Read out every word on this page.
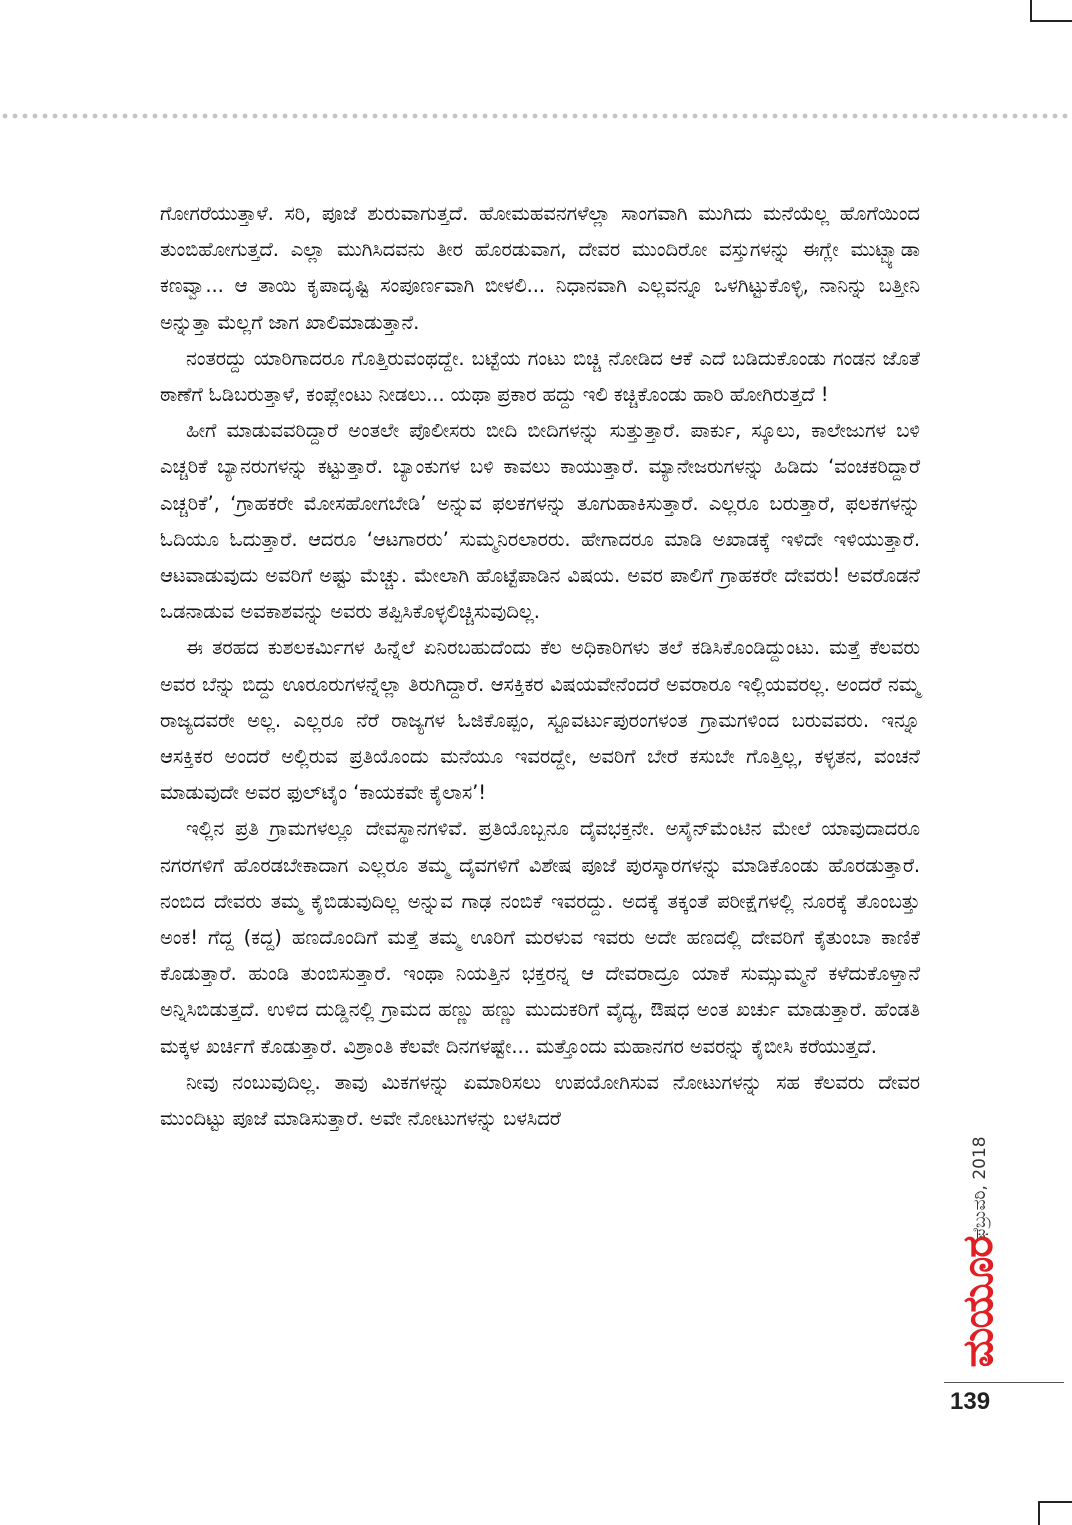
ಗೋಗರೆಯುತ್ತಾಳೆ. ಸರಿ, ಪೂಜೆ ಶುರುವಾಗುತ್ತದೆ. ಹೋಮಹವನಗಳೆಲ್ಲಾ ಸಾಂಗವಾಗಿ ಮುಗಿದು ಮನೆಯೆಲ್ಲ ಹೊಗೆಯಿಂದ ತುಂಬಿಹೋಗುತ್ತದೆ. ಎಲ್ಲಾ ಮುಗಿಸಿದವನು ತೀರ ಹೊರಡುವಾಗ, ದೇವರ ಮುಂದಿರೋ ವಸ್ತುಗಳನ್ನು ಈಗ್ಲೇ ಮುಟ್ಬ್ಯಾಡಾ ಕಣವ್ವಾ... ಆ ತಾಯಿ ಕೃಪಾದೃಷ್ಟಿ ಸಂಪೂರ್ಣವಾಗಿ ಬೀಳಲಿ... ನಿಧಾನವಾಗಿ ಎಲ್ಲವನ್ನೂ ಒಳಗಿಟ್ಟುಕೊಳ್ಳಿ, ನಾನಿನ್ನು ಬತ್ತೀನಿ ಅನ್ನುತ್ತಾ ಮೆಲ್ಲಗೆ ಜಾಗ ಖಾಲಿಮಾಡುತ್ತಾನೆ.

ನಂತರದ್ದು ಯಾರಿಗಾದರೂ ಗೊತ್ತಿರುವಂಥದ್ದೇ. ಬಟ್ಟೆಯ ಗಂಟು ಬಿಚ್ಚಿ ನೋಡಿದ ಆಕೆ ಎದೆ ಬಡಿದುಕೊಂಡು ಗಂಡನ ಜೊತೆ ಠಾಣೆಗೆ ಓಡಿಬರುತ್ತಾಳೆ, ಕಂಪ್ಲೇಂಟು ನೀಡಲು... ಯಥಾ ಪ್ರಕಾರ ಹದ್ದು ಇಲಿ ಕಚ್ಚಿಕೊಂಡು ಹಾರಿ ಹೋಗಿರುತ್ತದೆ !

ಹೀಗೆ ಮಾಡುವವರಿದ್ದಾರೆ ಅಂತಲೇ ಪೊಲೀಸರು ಬೀದಿ ಬೀದಿಗಳನ್ನು ಸುತ್ತುತ್ತಾರೆ. ಪಾರ್ಕು, ಸ್ಕೂಲು, ಕಾಲೇಜುಗಳ ಬಳಿ ಎಚ್ಚರಿಕೆ ಬ್ಯಾನರುಗಳನ್ನು ಕಟ್ಟುತ್ತಾರೆ. ಬ್ಯಾಂಕುಗಳ ಬಳಿ ಕಾವಲು ಕಾಯುತ್ತಾರೆ. ಮ್ಯಾನೇಜರುಗಳನ್ನು ಹಿಡಿದು ‘ವಂಚಕರಿದ್ದಾರೆ ಎಚ್ಚರಿಕೆ’, ‘ಗ್ರಾಹಕರೇ ಮೋಸಹೋಗಬೇಡಿ’ ಅನ್ನುವ ಫಲಕಗಳನ್ನು ತೂಗುಹಾಕಿಸುತ್ತಾರೆ. ಎಲ್ಲರೂ ಬರುತ್ತಾರೆ, ಫಲಕಗಳನ್ನು ಓದಿಯೂ ಓದುತ್ತಾರೆ. ಆದರೂ ‘ಆಟಗಾರರು’ ಸುಮ್ಮನಿರಲಾರರು. ಹೇಗಾದರೂ ಮಾಡಿ ಅಖಾಡಕ್ಕೆ ಇಳಿದೇ ಇಳಿಯುತ್ತಾರೆ. ಆಟವಾಡುವುದು ಅವರಿಗೆ ಅಷ್ಟು ಮೆಚ್ಚು. ಮೇಲಾಗಿ ಹೊಟ್ಟೆಪಾಡಿನ ವಿಷಯ. ಅವರ ಪಾಲಿಗೆ ಗ್ರಾಹಕರೇ ದೇವರು! ಅವರೊಡನೆ ಒಡನಾಡುವ ಅವಕಾಶವನ್ನು ಅವರು ತಪ್ಪಿಸಿಕೊಳ್ಳಲಿಚ್ಚಿಸುವುದಿಲ್ಲ.

ಈ ತರಹದ ಕುಶಲಕರ್ಮಿಗಳ ಹಿನ್ನೆಲೆ ಏನಿರಬಹುದೆಂದು ಕೆಲ ಅಧಿಕಾರಿಗಳು ತಲೆ ಕಡಿಸಿಕೊಂಡಿದ್ದುಂಟು. ಮತ್ತೆ ಕೆಲವರು ಅವರ ಬೆನ್ನು ಬಿದ್ದು ಊರೂರುಗಳನ್ನೆಲ್ಲಾ ತಿರುಗಿದ್ದಾರೆ. ಆಸಕ್ತಿಕರ ವಿಷಯವೇನೆಂದರೆ ಅವರಾರೂ ಇಲ್ಲಿಯವರಲ್ಲ. ಅಂದರೆ ನಮ್ಮ ರಾಜ್ಯದವರೇ ಅಲ್ಲ. ಎಲ್ಲರೂ ನೆರೆ ರಾಜ್ಯಗಳ ಓಜಿಕೊಪ್ಪಂ, ಸ್ಟೂವರ್ಟುಪುರಂಗಳಂತ ಗ್ರಾಮಗಳಿಂದ ಬರುವವರು. ಇನ್ನೂ ಆಸಕ್ತಿಕರ ಅಂದರೆ ಅಲ್ಲಿರುವ ಪ್ರತಿಯೊಂದು ಮನೆಯೂ ಇವರದ್ದೇ, ಅವರಿಗೆ ಬೇರೆ ಕಸುಬೇ ಗೊತ್ತಿಲ್ಲ, ಕಳ್ಳತನ, ವಂಚನೆ ಮಾಡುವುದೇ ಅವರ ಫುಲ್‌ಟೈಂ ‘ಕಾಯಕವೇ ಕೈಲಾಸ’!

ಇಲ್ಲಿನ ಪ್ರತಿ ಗ್ರಾಮಗಳಲ್ಲೂ ದೇವಸ್ಥಾನಗಳಿವೆ. ಪ್ರತಿಯೊಬ್ಬನೂ ದೈವಭಕ್ತನೇ. ಅಸೈನ್‌ಮೆಂಟಿನ ಮೇಲೆ ಯಾವುದಾದರೂ ನಗರಗಳಿಗೆ ಹೊರಡಬೇಕಾದಾಗ ಎಲ್ಲರೂ ತಮ್ಮ ದೈವಗಳಿಗೆ ವಿಶೇಷ ಪೂಜೆ ಪುರಸ್ಕಾರಗಳನ್ನು ಮಾಡಿಕೊಂಡು ಹೊರಡುತ್ತಾರೆ. ನಂಬಿದ ದೇವರು ತಮ್ಮ ಕೈಬಿಡುವುದಿಲ್ಲ ಅನ್ನುವ ಗಾಢ ನಂಬಿಕೆ ಇವರದ್ದು. ಅದಕ್ಕೆ ತಕ್ಕಂತೆ ಪರೀಕ್ಷೆಗಳಲ್ಲಿ ನೂರಕ್ಕೆ ತೊಂಬತ್ತು ಅಂಕ! ಗೆದ್ದ (ಕದ್ದ) ಹಣದೊಂದಿಗೆ ಮತ್ತೆ ತಮ್ಮ ಊರಿಗೆ ಮರಳುವ ಇವರು ಅದೇ ಹಣದಲ್ಲಿ ದೇವರಿಗೆ ಕೈತುಂಬಾ ಕಾಣಿಕೆ ಕೊಡುತ್ತಾರೆ. ಹುಂಡಿ ತುಂಬಿಸುತ್ತಾರೆ. ಇಂಥಾ ನಿಯತ್ತಿನ ಭಕ್ತರನ್ನ ಆ ದೇವರಾದ್ರೂ ಯಾಕೆ ಸುಮ್ಸುಮ್ಮನೆ ಕಳೆದುಕೊಳ್ತಾನೆ ಅನ್ನಿಸಿಬಿಡುತ್ತದೆ. ಉಳಿದ ದುಡ್ಡಿನಲ್ಲಿ ಗ್ರಾಮದ ಹಣ್ಣು ಹಣ್ಣು ಮುದುಕರಿಗೆ ವೈದ್ಯ, ಔಷಧ ಅಂತ ಖರ್ಚು ಮಾಡುತ್ತಾರೆ. ಹೆಂಡತಿ ಮಕ್ಕಳ ಖರ್ಚಿಗೆ ಕೊಡುತ್ತಾರೆ. ವಿಶ್ರಾಂತಿ ಕೆಲವೇ ದಿನಗಳಷ್ಟೇ... ಮತ್ತೊಂದು ಮಹಾನಗರ ಅವರನ್ನು ಕೈಬೀಸಿ ಕರೆಯುತ್ತದೆ.

ನೀವು ನಂಬುವುದಿಲ್ಲ. ತಾವು ಮಿಕಗಳನ್ನು ಏಮಾರಿಸಲು ಉಪಯೋಗಿಸುವ ನೋಟುಗಳನ್ನು ಸಹ ಕೆಲವರು ದೇವರ ಮುಂದಿಟ್ಟು ಪೂಜೆ ಮಾಡಿಸುತ್ತಾರೆ. ಅವೇ ನೋಟುಗಳನ್ನು ಬಳಸಿದರೆ

ಫೆಬ್ರುವರಿ, 2018
ಮಯೂರ
139
